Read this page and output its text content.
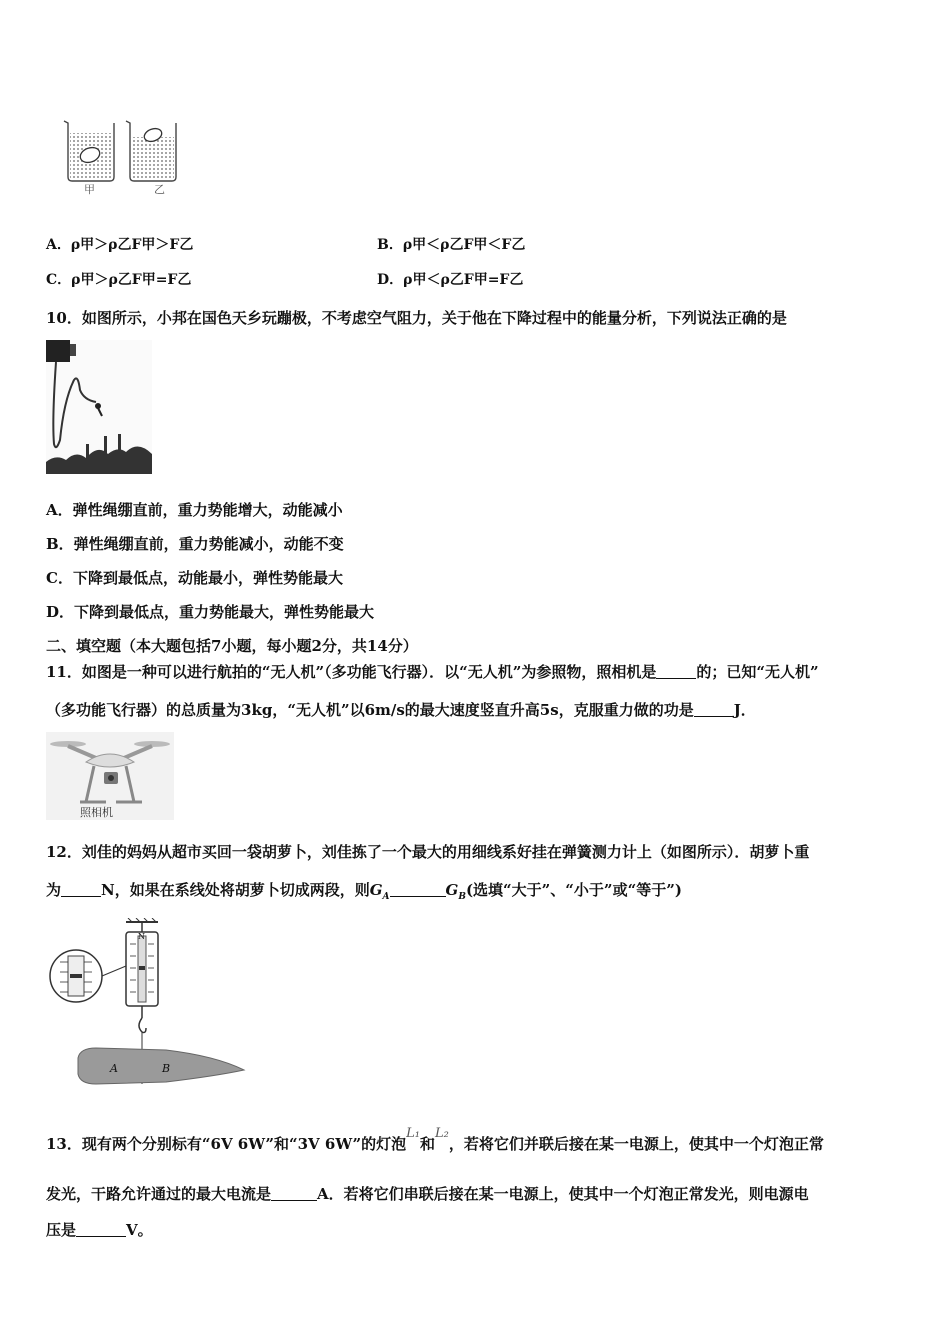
甲	乙
A．ρ甲＞ρ乙F甲＞F乙	B．ρ甲＜ρ乙F甲＜F乙
C．ρ甲＞ρ乙F甲=F乙	D．ρ甲＜ρ乙F甲=F乙
10．如图所示，小邦在国色天乡玩蹦极，不考虑空气阻力，关于他在下降过程中的能量分析，下列说法正确的是
A．弹性绳绷直前，重力势能增大，动能减小
B．弹性绳绷直前，重力势能减小，动能不变
C．下降到最低点，动能最小，弹性势能最大
D．下降到最低点，重力势能最大，弹性势能最大
二、填空题（本大题包括7小题，每小题2分，共14分）
11．如图是一种可以进行航拍的“无人机”（多功能飞行器）．以“无人机”为参照物，照相机是	的；已知“无人机”
（多功能飞行器）的总质量为3kg，“无人机”以6m/s的最大速度竖直升高5s，克服重力做的功是	J．
照相机
12．刘佳的妈妈从超市买回一袋胡萝卜，刘佳拣了一个最大的用细线系好挂在弹簧测力计上（如图所示）．胡萝卜重
为	N，如果在系线处将胡萝卜切成两段，则$G_A$	$G_B$(选填“大于”、“小于”或“等于”)
N
A	B
13．现有两个分别标有“6V 6W”和“3V 6W”的灯泡L₁和L₂，若将它们并联后接在某一电源上，使其中一个灯泡正常
发光，干路允许通过的最大电流是	A．若将它们串联后接在某一电源上，使其中一个灯泡正常发光，则电源电
压是	V。
